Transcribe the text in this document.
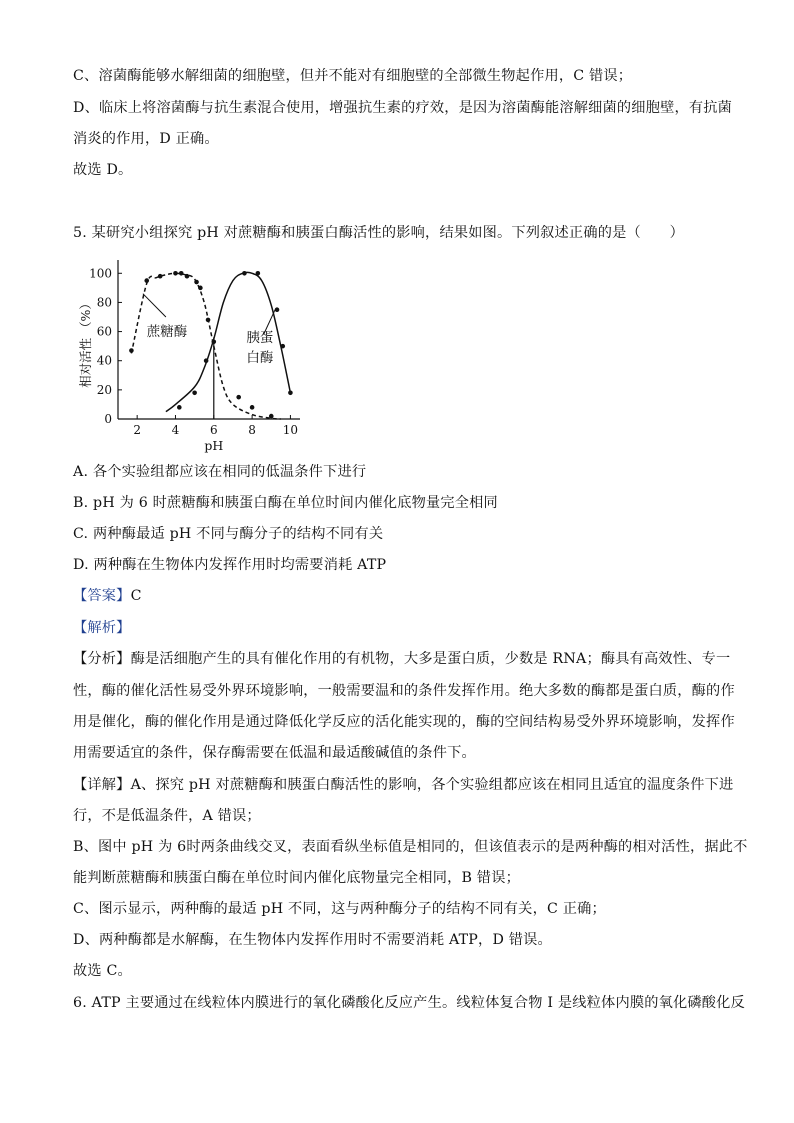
C、溶菌酶能够水解细菌的细胞壁，但并不能对有细胞壁的全部微生物起作用，C 错误；
D、临床上将溶菌酶与抗生素混合使用，增强抗生素的疗效，是因为溶菌酶能溶解细菌的细胞壁，有抗菌
消炎的作用，D 正确。
故选 D。
5. 某研究小组探究 pH 对蔗糖酶和胰蛋白酶活性的影响，结果如图。下列叙述正确的是（　　）
0
20
40
60
80
100
2	4	6	8 10
pH
相对活性 （%）	蔗糖酶	胰蛋
白酶
A. 各个实验组都应该在相同的低温条件下进行
B. pH 为 6 时蔗糖酶和胰蛋白酶在单位时间内催化底物量完全相同
C. 两种酶最适 pH 不同与酶分子的结构不同有关
D. 两种酶在生物体内发挥作用时均需要消耗 ATP
【答案】C
【解析】
【分析】酶是活细胞产生的具有催化作用的有机物，大多是蛋白质，少数是 RNA；酶具有高效性、专一
性，酶的催化活性易受外界环境影响，一般需要温和的条件发挥作用。绝大多数的酶都是蛋白质，酶的作
用是催化，酶的催化作用是通过降低化学反应的活化能实现的，酶的空间结构易受外界环境影响，发挥作
用需要适宜的条件，保存酶需要在低温和最适酸碱值的条件下。
【详解】A、探究 pH 对蔗糖酶和胰蛋白酶活性的影响，各个实验组都应该在相同且适宜的温度条件下进
行，不是低温条件，A 错误；
B、图中 pH 为 6时两条曲线交叉，表面看纵坐标值是相同的，但该值表示的是两种酶的相对活性，据此不
能判断蔗糖酶和胰蛋白酶在单位时间内催化底物量完全相同，B 错误；
C、图示显示，两种酶的最适 pH 不同，这与两种酶分子的结构不同有关，C 正确；
D、两种酶都是水解酶，在生物体内发挥作用时不需要消耗 ATP，D 错误。
故选 C。
6. ATP 主要通过在线粒体内膜进行的氧化磷酸化反应产生。线粒体复合物 I 是线粒体内膜的氧化磷酸化反
